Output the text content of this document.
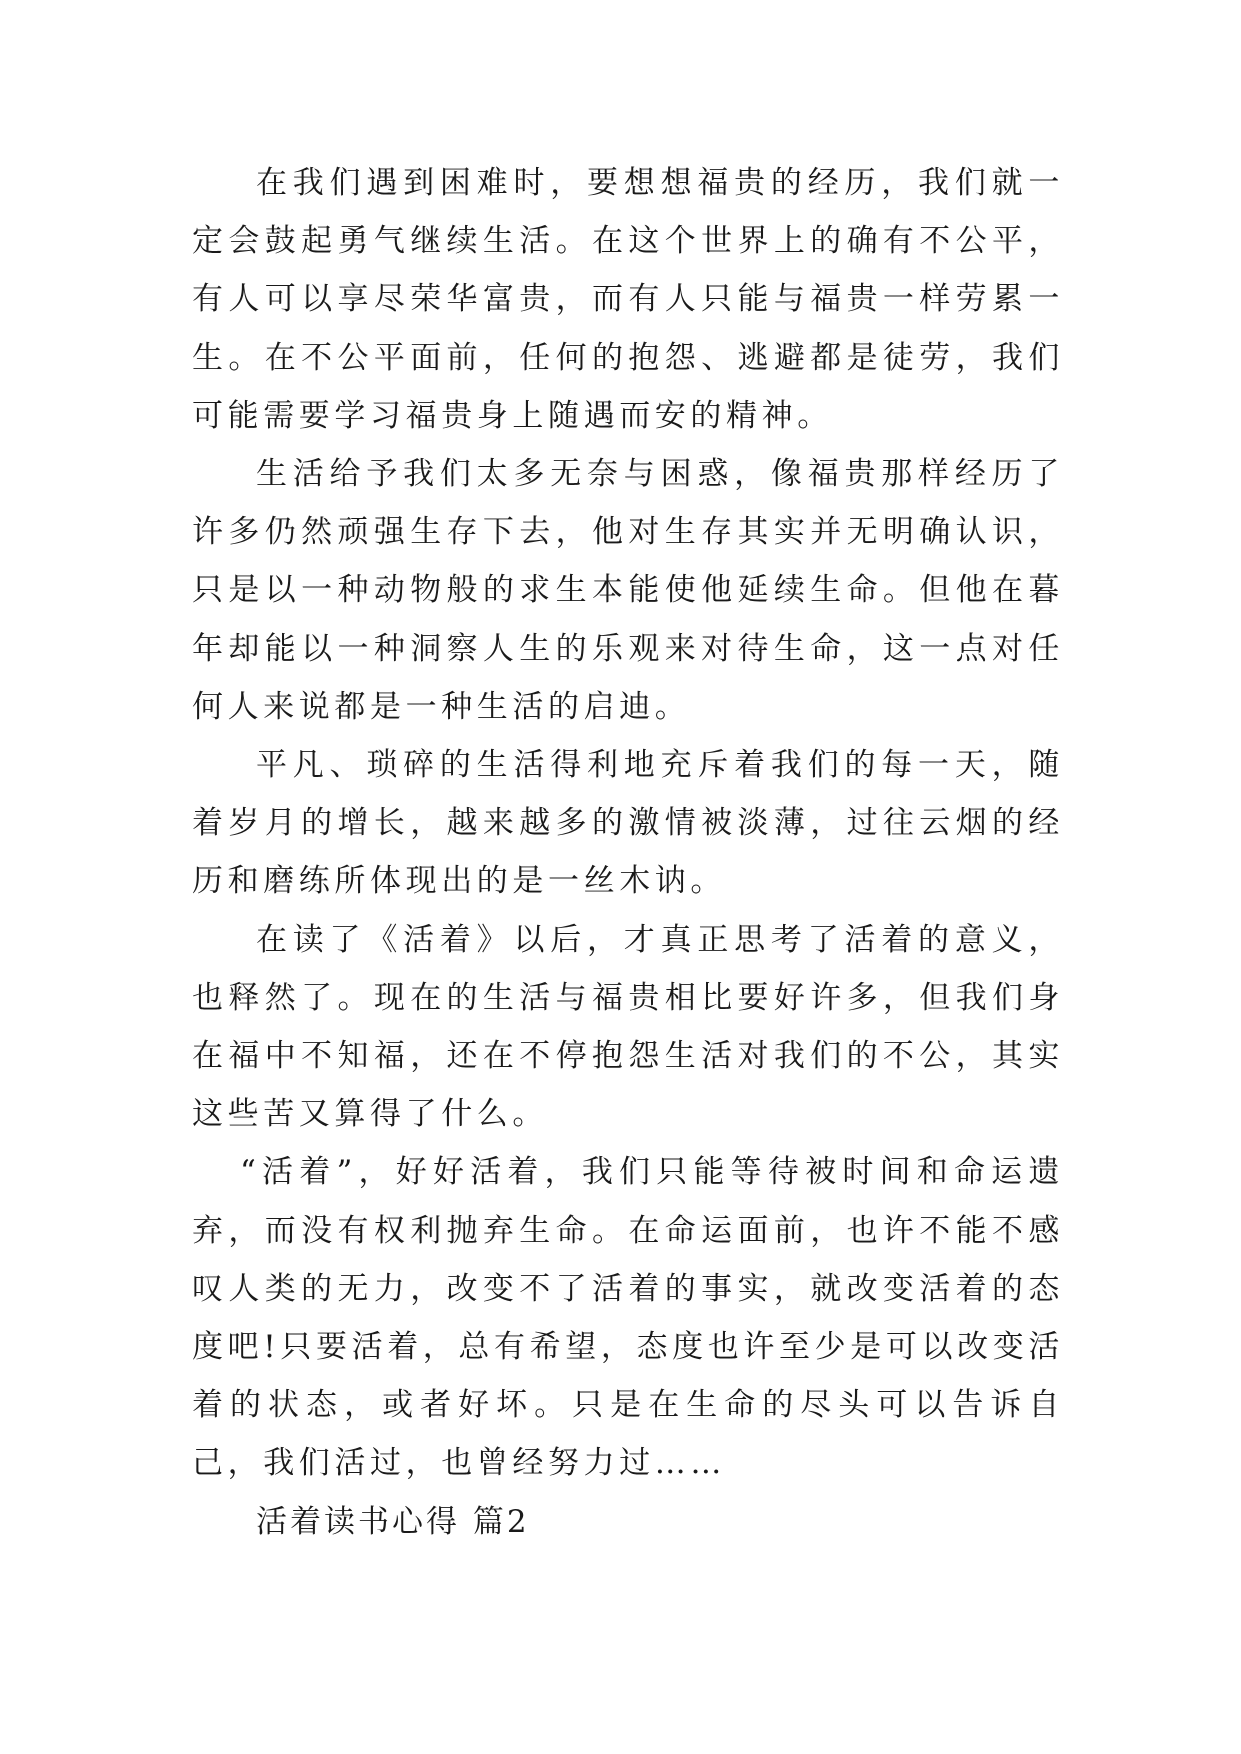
在我们遇到困难时，要想想福贵的经历，我们就一定会鼓起勇气继续生活。在这个世界上的确有不公平，有人可以享尽荣华富贵，而有人只能与福贵一样劳累一生。在不公平面前，任何的抱怨、逃避都是徒劳，我们可能需要学习福贵身上随遇而安的精神。

生活给予我们太多无奈与困惑，像福贵那样经历了许多仍然顽强生存下去，他对生存其实并无明确认识，只是以一种动物般的求生本能使他延续生命。但他在暮年却能以一种洞察人生的乐观来对待生命，这一点对任何人来说都是一种生活的启迪。

平凡、琐碎的生活得利地充斥着我们的每一天，随着岁月的增长，越来越多的激情被淡薄，过往云烟的经历和磨练所体现出的是一丝木讷。

在读了《活着》以后，才真正思考了活着的意义，也释然了。现在的生活与福贵相比要好许多，但我们身在福中不知福，还在不停抱怨生活对我们的不公，其实这些苦又算得了什么。

“活着”，好好活着，我们只能等待被时间和命运遗弃，而没有权利抛弃生命。在命运面前，也许不能不感叹人类的无力，改变不了活着的事实，就改变活着的态度吧!只要活着，总有希望，态度也许至少是可以改变活着的状态，或者好坏。只是在生命的尽头可以告诉自己，我们活过，也曾经努力过……

活着读书心得 篇2
